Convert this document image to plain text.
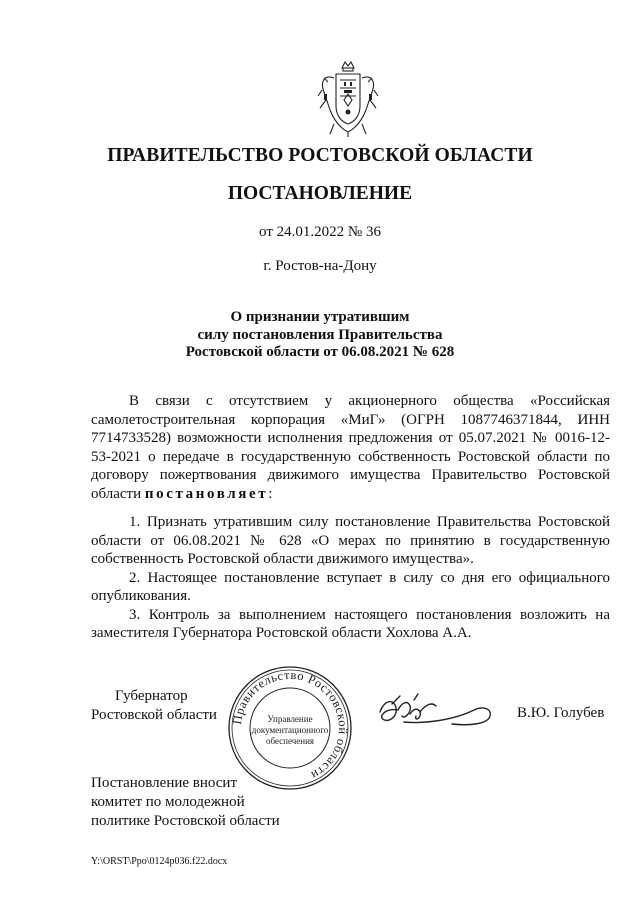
ПРАВИТЕЛЬСТВО РОСТОВСКОЙ ОБЛАСТИ
ПОСТАНОВЛЕНИЕ
от 24.01.2022 № 36
г. Ростов-на-Дону
О признании утратившим
силу постановления Правительства
Ростовской области от 06.08.2021 № 628
В связи с отсутствием у акционерного общества «Российская самолетостроительная корпорация «МиГ» (ОГРН 1087746371844, ИНН 7714733528) возможности исполнения предложения от 05.07.2021 № 0016-12-53-2021 о передаче в государственную собственность Ростовской области по договору пожертвования движимого имущества Правительство Ростовской области постановляет:
1. Признать утратившим силу постановление Правительства Ростовской области от 06.08.2021 № 628 «О мерах по принятию в государственную собственность Ростовской области движимого имущества».
2. Настоящее постановление вступает в силу со дня его официального опубликования.
3. Контроль за выполнением настоящего постановления возложить на заместителя Губернатора Ростовской области Хохлова А.А.
Губернатор
Ростовской области Правительство Ростовской области
Управление
документационного
обеспечения
В.Ю. Голубев
Постановление вносит
комитет по молодежной
политике Ростовской области
Y:\ORST\Ppo\0124p036.f22.docx
